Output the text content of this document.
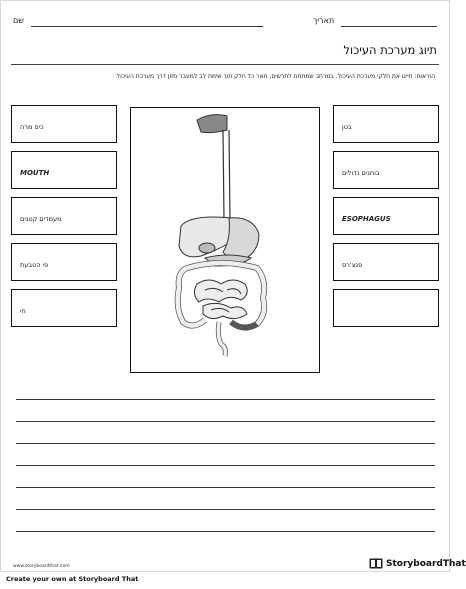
שם	תאריך
תיוג מערכת העיכול
הוראות: תייגו את חלקי מערכת העיכול. במרחב שמתחת לתרשים, תאר כל חלק תוך שימת לב למעבר מזון דרך מערכת העיכול
כיס מרה
MOUTH
מעמדים קטנים
פי הטבעת
חי
בטן
בוחנים גדולים
ESOPHAGUS
פנצ'רס
www.storyboardthat.com	StoryboardThat
Create your own at Storyboard That
